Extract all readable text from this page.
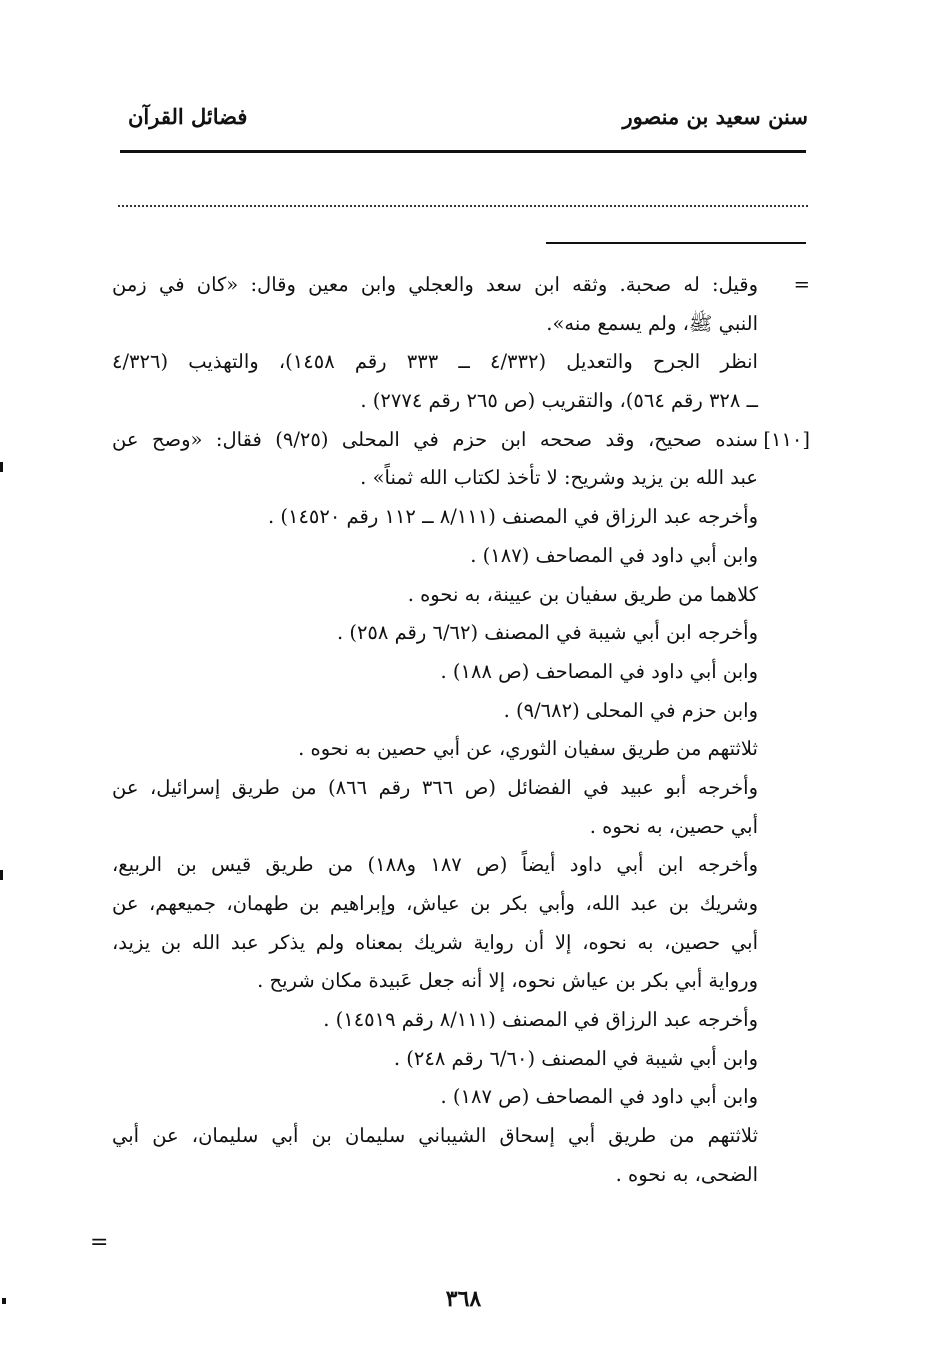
سنن سعيد بن منصور
فضائل القرآن
=
وقيل: له صحبة. وثقه ابن سعد والعجلي وابن معين وقال: «كان في زمن
النبي ﷺ، ولم يسمع منه».
انظر الجرح والتعديل (٤/٣٣٢ ــ ٣٣٣ رقم ١٤٥٨)، والتهذيب (٤/٣٢٦
ــ ٣٢٨ رقم ٥٦٤)، والتقريب (ص ٢٦٥ رقم ٢٧٧٤) .
[١١٠]
سنده صحيح، وقد صححه ابن حزم في المحلى (٩/٢٥) فقال: «وصح عن
عبد الله بن يزيد وشريح: لا تأخذ لكتاب الله ثمناً» .
وأخرجه عبد الرزاق في المصنف (٨/١١١ ــ ١١٢ رقم ١٤٥٢٠) .
وابن أبي داود في المصاحف (١٨٧) .
كلاهما من طريق سفيان بن عيينة، به نحوه .
وأخرجه ابن أبي شيبة في المصنف (٦/٦٢ رقم ٢٥٨) .
وابن أبي داود في المصاحف (ص ١٨٨) .
وابن حزم في المحلى (٩/٦٨٢) .
ثلاثتهم من طريق سفيان الثوري، عن أبي حصين به نحوه .
وأخرجه أبو عبيد في الفضائل (ص ٣٦٦ رقم ٨٦٦) من طريق إسرائيل، عن
أبي حصين، به نحوه .
وأخرجه ابن أبي داود أيضاً (ص ١٨٧ و١٨٨) من طريق قيس بن الربيع،
وشريك بن عبد الله، وأبي بكر بن عياش، وإبراهيم بن طهمان، جميعهم، عن
أبي حصين، به نحوه، إلا أن رواية شريك بمعناه ولم يذكر عبد الله بن يزيد،
ورواية أبي بكر بن عياش نحوه، إلا أنه جعل عَبيدة مكان شريح .
وأخرجه عبد الرزاق في المصنف (٨/١١١ رقم ١٤٥١٩) .
وابن أبي شيبة في المصنف (٦/٦٠ رقم ٢٤٨) .
وابن أبي داود في المصاحف (ص ١٨٧) .
ثلاثتهم من طريق أبي إسحاق الشيباني سليمان بن أبي سليمان، عن أبي
الضحى، به نحوه .
=
٣٦٨
